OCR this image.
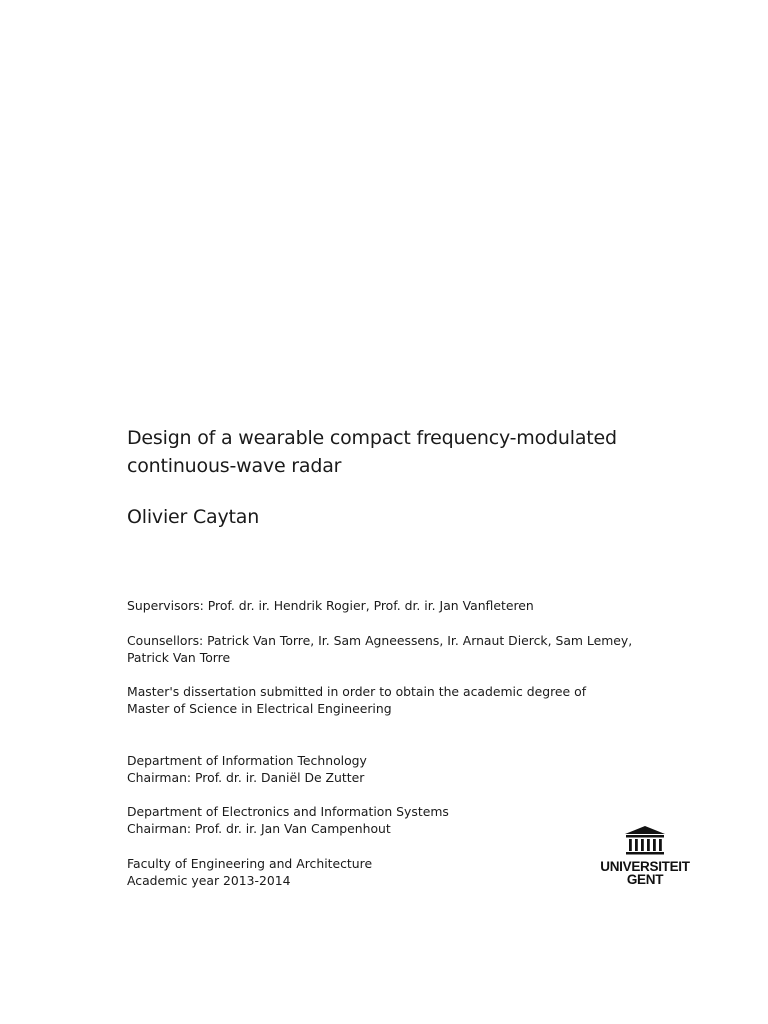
Design of a wearable compact frequency-modulated
continuous-wave radar

Olivier Caytan

Supervisors: Prof. dr. ir. Hendrik Rogier, Prof. dr. ir. Jan Vanfleteren
Counsellors: Patrick Van Torre, Ir. Sam Agneessens, Ir. Arnaut Dierck, Sam Lemey,
Patrick Van Torre
Master's dissertation submitted in order to obtain the academic degree of
Master of Science in Electrical Engineering
Department of Information Technology
Chairman: Prof. dr. ir. Daniël De Zutter
Department of Electronics and Information Systems
Chairman: Prof. dr. ir. Jan Van Campenhout
Faculty of Engineering and Architecture
Academic year 2013-2014
UNIVERSITEIT
GENT
